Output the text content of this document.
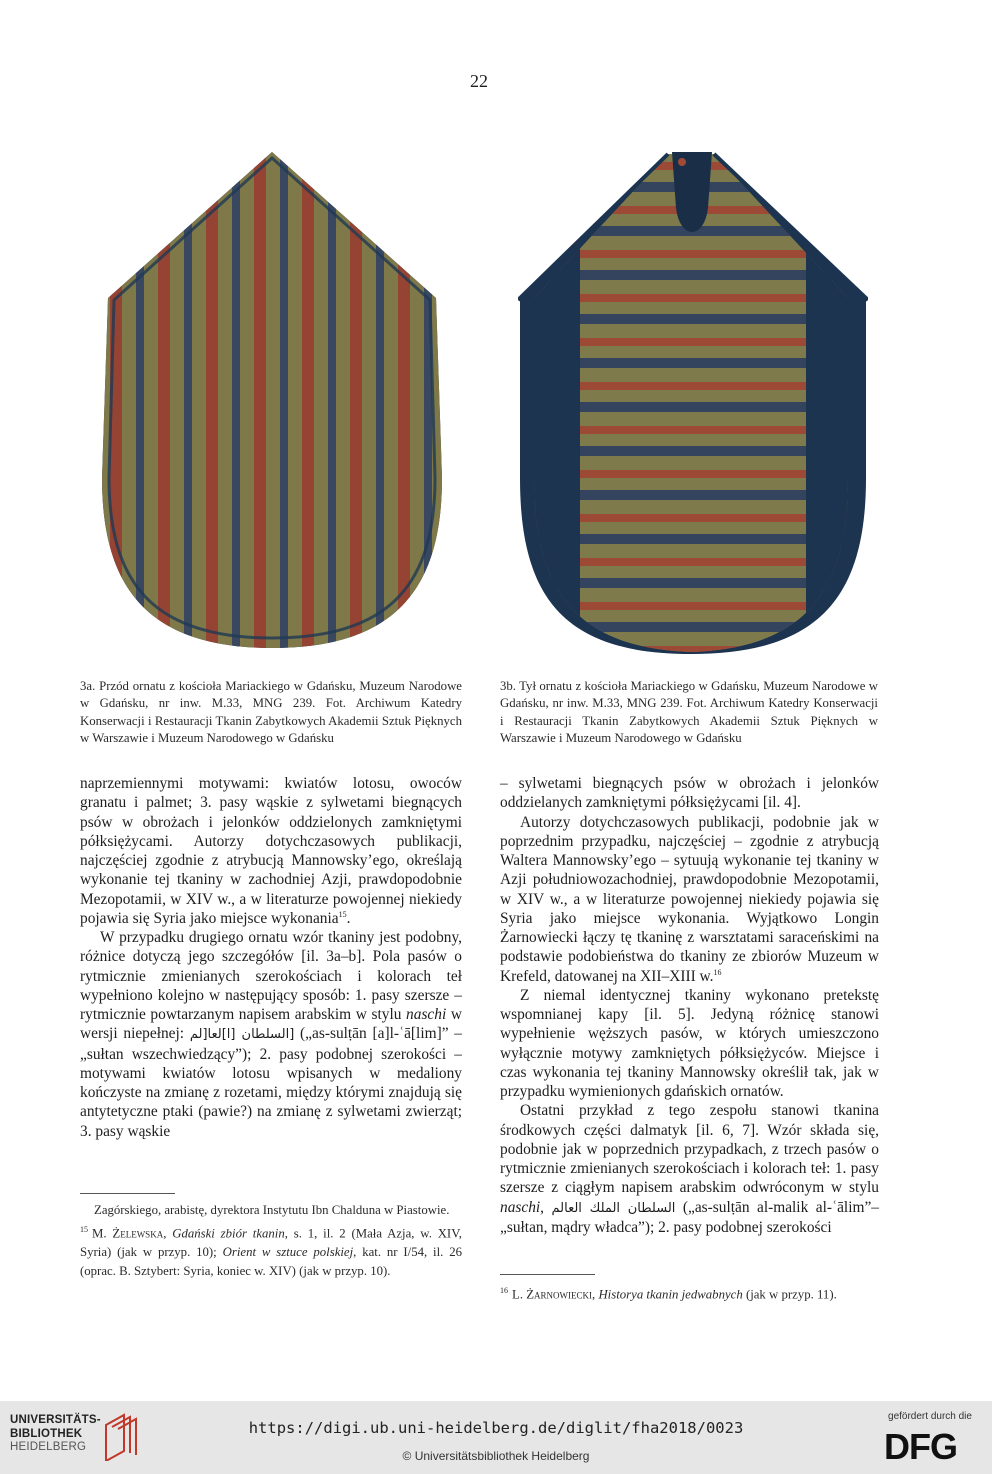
22
3a. Przód ornatu z kościoła Mariackiego w Gdańsku, Muzeum Narodowe w Gdańsku, nr inw. M.33, MNG 239. Fot. Archiwum Katedry Konserwacji i Restauracji Tkanin Zabytkowych Akademii Sztuk Pięknych w Warszawie i Muzeum Narodowego w Gdańsku
3b. Tył ornatu z kościoła Mariackiego w Gdańsku, Muzeum Narodowe w Gdańsku, nr inw. M.33, MNG 239. Fot. Archiwum Katedry Konserwacji i Restauracji Tkanin Zabytkowych Akademii Sztuk Pięknych w Warszawie i Muzeum Narodowego w Gdańsku

naprzemiennymi motywami: kwiatów lotosu, owoców granatu i palmet; 3. pasy wąskie z sylwetami biegnących psów w obrożach i jelonków oddzielonych zamkniętymi półksiężycami. Autorzy dotychczasowych publikacji, najczęściej zgodnie z atrybucją Mannowsky’ego, określają wykonanie tej tkaniny w zachodniej Azji, prawdopodobnie Mezopotamii, w XIV w., a w literaturze powojennej niekiedy pojawia się Syria jako miejsce wykonania$^{15}$.

W przypadku drugiego ornatu wzór tkaniny jest podobny, różnice dotyczą jego szczegółów [il. 3a–b]. Pola pasów o rytmicznie zmienianych szerokościach i kolorach teł wypełniono kolejno w następujący sposób: 1. pasy szersze – rytmicznie powtarzanym napisem arabskim w stylu naschi w wersji niepełnej: [السلطان [ا]لعا[لم („as-sulṭān [a]l-ʿā[lim]” – „sułtan wszechwiedzący”); 2. pasy podobnej szerokości – motywami kwiatów lotosu wpisanych w medaliony kończyste na zmianę z rozetami, między którymi znajdują się antytetyczne ptaki (pawie?) na zmianę z sylwetami zwierząt; 3. pasy wąskie

Zagórskiego, arabistę, dyrektora Instytutu Ibn Chalduna w Piastowie.
$^{15}$ M. Żelewska, Gdański zbiór tkanin, s. 1, il. 2 (Mała Azja, w. XIV, Syria) (jak w przyp. 10); Orient w sztuce polskiej, kat. nr I/54, il. 26 (oprac. B. Sztybert: Syria, koniec w. XIV) (jak w przyp. 10).

– sylwetami biegnących psów w obrożach i jelonków oddzielanych zamkniętymi półksiężycami [il. 4].

Autorzy dotychczasowych publikacji, podobnie jak w poprzednim przypadku, najczęściej – zgodnie z atrybucją Waltera Mannowsky’ego – sytuują wykonanie tej tkaniny w Azji południowozachodniej, prawdopodobnie Mezopotamii, w XIV w., a w literaturze powojennej niekiedy pojawia się Syria jako miejsce wykonania. Wyjątkowo Longin Żarnowiecki łączy tę tkaninę z warsztatami saraceńskimi na podstawie podobieństwa do tkaniny ze zbiorów Muzeum w Krefeld, datowanej na XII–XIII w.$^{16}$

Z niemal identycznej tkaniny wykonano pretekstę wspomnianej kapy [il. 5]. Jedyną różnicę stanowi wypełnienie węższych pasów, w których umieszczono wyłącznie motywy zamkniętych półksiężyców. Miejsce i czas wykonania tej tkaniny Mannowsky określił tak, jak w przypadku wymienionych gdańskich ornatów.

Ostatni przykład z tego zespołu stanowi tkanina środkowych części dalmatyk [il. 6, 7]. Wzór składa się, podobnie jak w poprzednich przypadkach, z trzech pasów o rytmicznie zmienianych szerokościach i kolorach teł: 1. pasy szersze z ciągłym napisem arabskim odwróconym w stylu naschi, السلطان الملك العالم („as-sulṭān al-malik al-ʿālim”– „sułtan, mądry władca”); 2. pasy podobnej szerokości

$^{16}$ L. Żarnowiecki, Historya tkanin jedwabnych (jak w przyp. 11).
UNIVERSITÄTS-
BIBLIOTHEK
HEIDELBERG
https://digi.ub.uni-heidelberg.de/diglit/fha2018/0023
© Universitätsbibliothek Heidelberg
gefördert durch die
DFG
